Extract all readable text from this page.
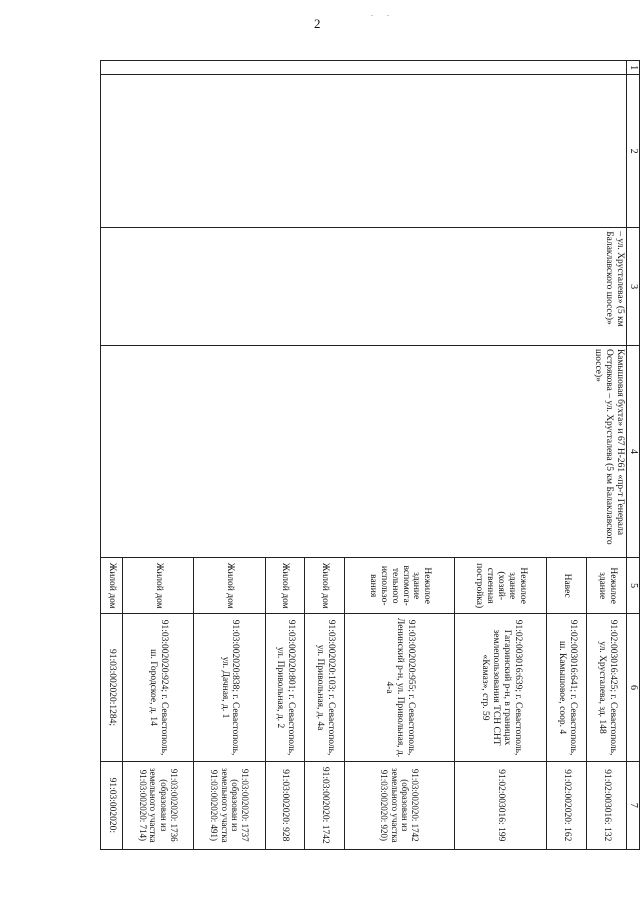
2
. .
1	2	3	4	5	6	7
		– ул. Хрусталева» (5 км Балаклавского шоссе)»	Камышовая бухта» и 67 Н-261 «пр-т Генерала Острякова – ул. Хрусталева (5 км Балаклавского шоссе)»	Нежилое здание	91:02:003016:425; г. Севастополь, ул. Хрусталева, зд. 148	91:02:003016: 132
				Навес	91:02:003016:641; г. Севастополь, ш. Камышовое, соор. 4	91:02:002020: 162
				Нежилое здание (хозяй-ственная постройка)	91:02:003016:639; г. Севастополь, Гагаринский р-н, в границах землепользования ТСН СНТ «Камаз», стр. 59	91:02:003016: 199
				Нежилое здание вспомога-тельного использо-вания	91:03:002020:955; г. Севастополь, Ленинский р-н, ул. Привольная, д. 4-а	91:03:002020: 1742 (образован из земельного участка 91:03:002020: 920)
				Жилой дом	91:03:002020:103; г. Севастополь, ул. Привольная, д. 4а	91:03:002020: 1742
				Жилой дом	91:03:002020:801; г. Севастополь, ул. Привольная, д. 2	91:03:002020: 928
				Жилой дом	91:03:002020:838; г. Севастополь, ул. Дачная, д. 1	91:03:002020: 1737 (образован из земельного участка 91:03:002020: 491)
				Жилой дом	91:03:002020:924; г. Севастополь, ш. Городское, д. 14	91:03:002020: 1736 (образован из земельного участка 91:03:002020: 714)
				Жилой дом	91:03:002020:1284;	91:03:002020:
